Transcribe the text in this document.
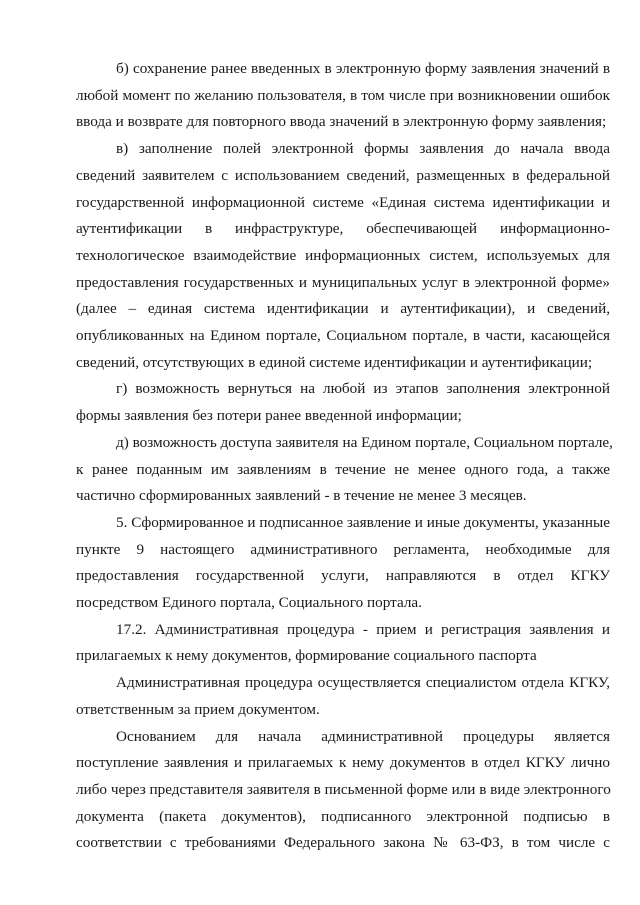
б) сохранение ранее введенных в электронную форму заявления значений в
любой момент по желанию пользователя, в том числе при возникновении ошибок
ввода и возврате для повторного ввода значений в электронную форму заявления;
в) заполнение полей электронной формы заявления до начала ввода
сведений заявителем с использованием сведений, размещенных в федеральной
государственной информационной системе «Единая система идентификации и
аутентификации в инфраструктуре, обеспечивающей информационно-
технологическое взаимодействие информационных систем, используемых для
предоставления государственных и муниципальных услуг в электронной форме»
(далее – единая система идентификации и аутентификации), и сведений,
опубликованных на Едином портале, Социальном портале, в части, касающейся
сведений, отсутствующих в единой системе идентификации и аутентификации;
г) возможность вернуться на любой из этапов заполнения электронной
формы заявления без потери ранее введенной информации;
д) возможность доступа заявителя на Едином портале, Социальном портале,
к ранее поданным им заявлениям в течение не менее одного года, а также
частично сформированных заявлений - в течение не менее 3 месяцев.
5. Сформированное и подписанное заявление и иные документы, указанные
пункте 9 настоящего административного регламента, необходимые для
предоставления государственной услуги, направляются в отдел КГКУ
посредством Единого портала, Социального портала.
17.2. Административная процедура - прием и регистрация заявления и
прилагаемых к нему документов, формирование социального паспорта
Административная процедура осуществляется специалистом отдела КГКУ,
ответственным за прием документом.
Основанием для начала административной процедуры является
поступление заявления и прилагаемых к нему документов в отдел КГКУ лично
либо через представителя заявителя в письменной форме или в виде электронного
документа (пакета документов), подписанного электронной подписью в
соответствии с требованиями Федерального закона № 63-ФЗ, в том числе с
